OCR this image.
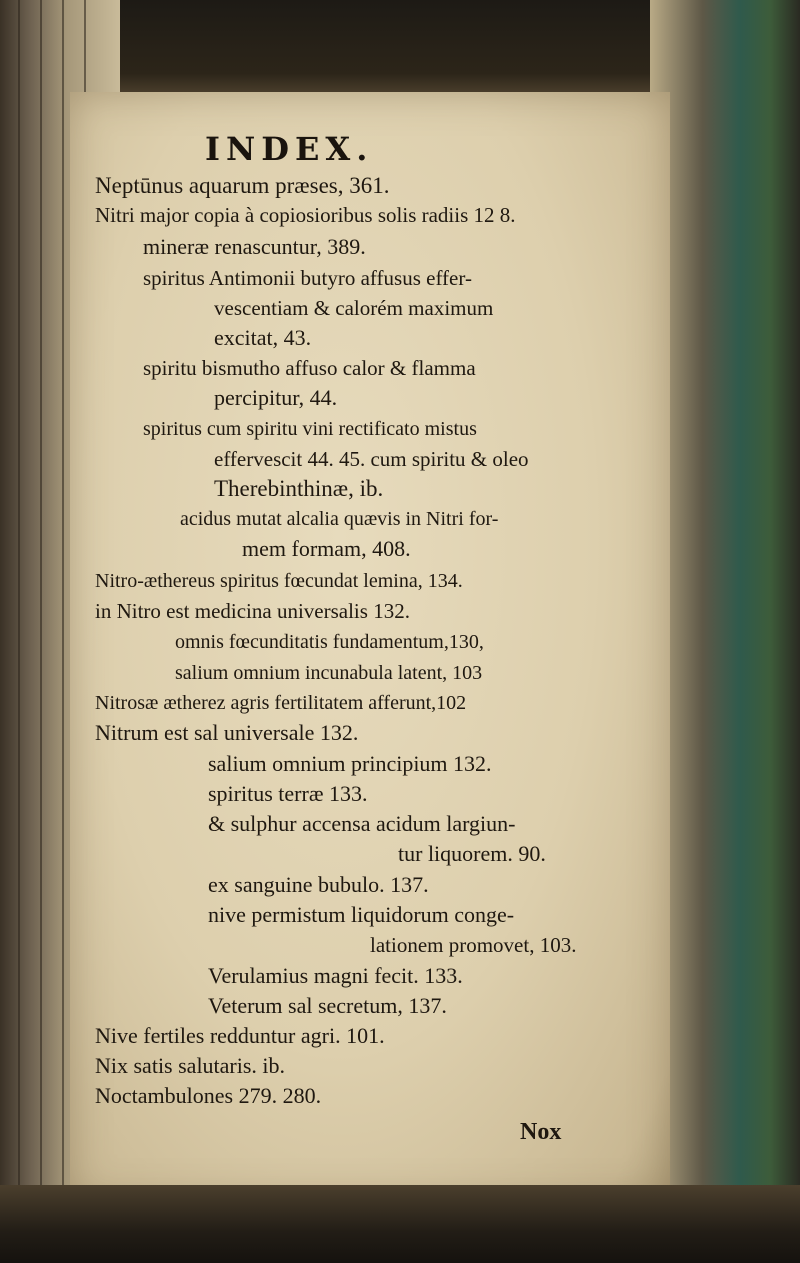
INDEX.
Neptūnus aquarum præses, 361.
Nitri major copia à copiosioribus solis radiis 12 8.
mineræ renascuntur, 389.
spiritus Antimonii butyro affusus effer-
vescentiam & calorém maximum
excitat, 43.
spiritu bismutho affuso calor & flamma
percipitur, 44.
spiritus cum spiritu vini rectificato mistus
effervescit 44. 45. cum spiritu & oleo
Therebinthinæ, ib.
acidus mutat alcalia quævis in Nitri for-
mem formam, 408.
Nitro-æthereus spiritus fœcundat lemina, 134.
in Nitro est medicina universalis 132.
omnis fœcunditatis fundamentum,130,
salium omnium incunabula latent, 103
Nitrosæ ætherez agris fertilitatem afferunt,102
Nitrum est sal universale 132.
salium omnium principium 132.
spiritus terræ 133.
& sulphur accensa acidum largiun-
tur liquorem. 90.
ex sanguine bubulo. 137.
nive permistum liquidorum conge-
lationem promovet, 103.
Verulamius magni fecit. 133.
Veterum sal secretum, 137.
Nive fertiles redduntur agri. 101.
Nix satis salutaris. ib.
Noctambulones 279. 280.
Nox
